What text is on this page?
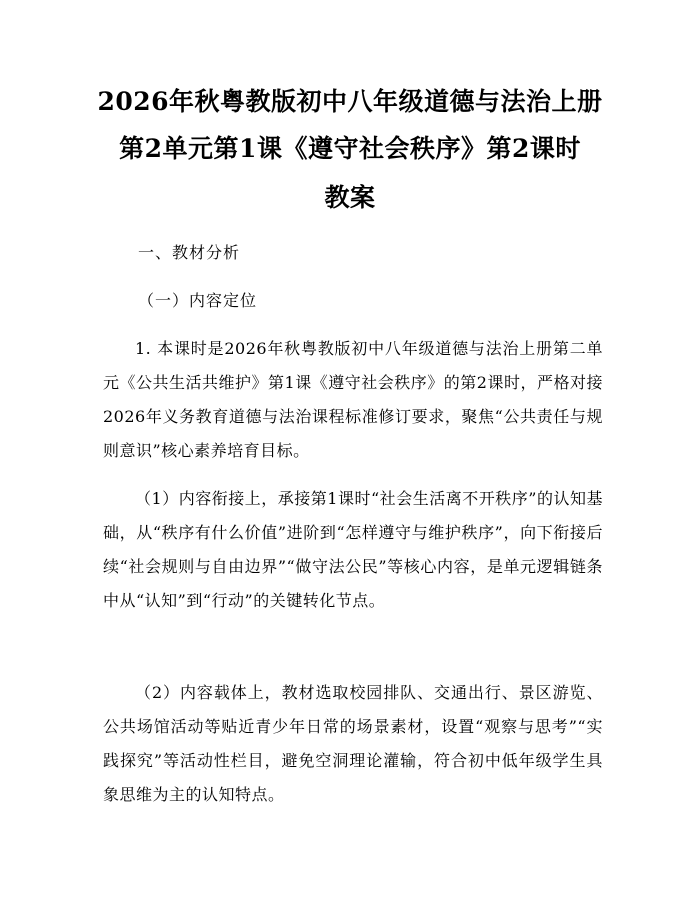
2026年秋粤教版初中八年级道德与法治上册
第2单元第1课《遵守社会秩序》第2课时
教案

一、教材分析

（一）内容定位

1. 本课时是2026年秋粤教版初中八年级道德与法治上册第二单元《公共生活共维护》第1课《遵守社会秩序》的第2课时，严格对接2026年义务教育道德与法治课程标准修订要求，聚焦“公共责任与规则意识”核心素养培育目标。

（1）内容衔接上，承接第1课时“社会生活离不开秩序”的认知基础，从“秩序有什么价值”进阶到“怎样遵守与维护秩序”，向下衔接后续“社会规则与自由边界”“做守法公民”等核心内容，是单元逻辑链条中从“认知”到“行动”的关键转化节点。

（2）内容载体上，教材选取校园排队、交通出行、景区游览、公共场馆活动等贴近青少年日常的场景素材，设置“观察与思考”“实践探究”等活动性栏目，避免空洞理论灌输，符合初中低年级学生具象思维为主的认知特点。
